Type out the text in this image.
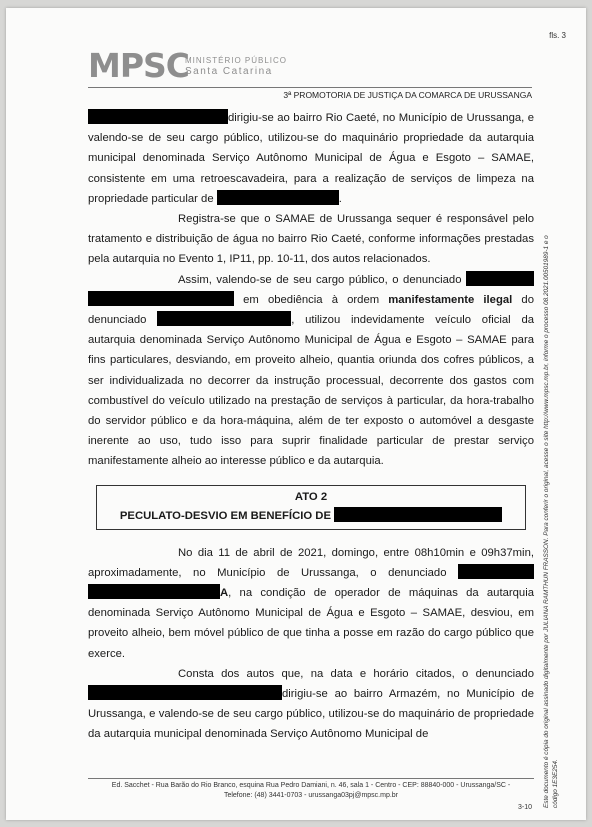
fls. 3
MPSC
MINISTÉRIO PÚBLICO
Santa Catarina
3ª PROMOTORIA DE JUSTIÇA DA COMARCA DE URUSSANGA

dirigiu-se ao bairro Rio Caeté, no Município de Urussanga, e valendo-se de seu cargo público, utilizou-se do maquinário propriedade da autarquia municipal denominada Serviço Autônomo Municipal de Água e Esgoto – SAMAE, consistente em uma retroescavadeira, para a realização de serviços de limpeza na propriedade particular de	.

Registra-se que o SAMAE de Urussanga sequer é responsável pelo tratamento e distribuição de água no bairro Rio Caeté, conforme informações prestadas pela autarquia no Evento 1, IP11, pp. 10-11, dos autos relacionados.

Assim, valendo-se de seu cargo público, o denunciado   em obediência à ordem manifestamente ilegal do denunciado	, utilizou indevidamente veículo oficial da autarquia denominada Serviço Autônomo Municipal de Água e Esgoto – SAMAE para fins particulares, desviando, em proveito alheio, quantia oriunda dos cofres públicos, a ser individualizada no decorrer da instrução processual, decorrente dos gastos com combustível do veículo utilizado na prestação de serviços à particular, da hora-trabalho do servidor público e da hora-máquina, além de ter exposto o automóvel a desgaste inerente ao uso, tudo isso para suprir finalidade particular de prestar serviço manifestamente alheio ao interesse público e da autarquia.

ATO 2
PECULATO-DESVIO EM BENEFÍCIO DE

No dia 11 de abril de 2021, domingo, entre 08h10min e 09h37min, aproximadamente, no Município de Urussanga, o denunciado  A, na condição de operador de máquinas da autarquia denominada Serviço Autônomo Municipal de Água e Esgoto – SAMAE, desviou, em proveito alheio, bem móvel público de que tinha a posse em razão do cargo público que exerce.

Consta dos autos que, na data e horário citados, o denunciado dirigiu-se ao bairro Armazém, no Município de Urussanga, e valendo-se de seu cargo público, utilizou-se do maquinário de propriedade da autarquia municipal denominada Serviço Autônomo Municipal de

Ed. Sacchet - Rua Barão do Rio Branco, esquina Rua Pedro Damiani, n. 46, sala 1 - Centro - CEP: 88840-000 - Urussanga/SC -
Telefone: (48) 3441-0703 - urussanga03pj@mpsc.mp.br
3-10 Este documento é cópia do original assinado digitalmente por JULIANA RAMTHUN FRASSON. Para conferir o original, acesse o site http://www.mpsc.mp.br, informe o processo 08.2021.00501989-1 e o código 1E3E254.
